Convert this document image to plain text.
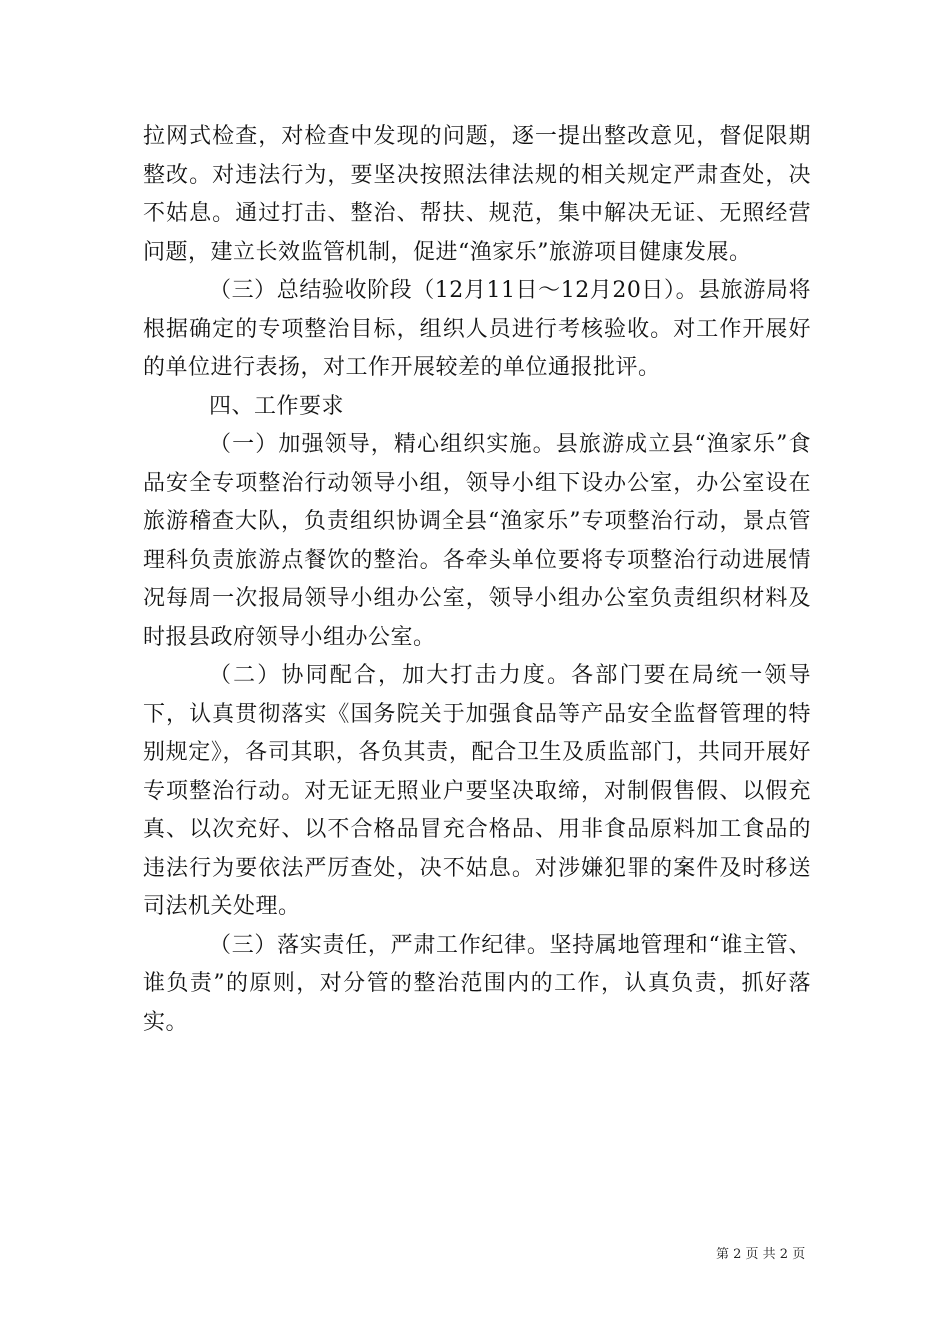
拉网式检查，对检查中发现的问题，逐一提出整改意见，督促限期整改。对违法行为，要坚决按照法律法规的相关规定严肃查处，决不姑息。通过打击、整治、帮扶、规范，集中解决无证、无照经营问题，建立长效监管机制，促进“渔家乐”旅游项目健康发展。

（三）总结验收阶段（12月11日～12月20日）。县旅游局将根据确定的专项整治目标，组织人员进行考核验收。对工作开展好的单位进行表扬，对工作开展较差的单位通报批评。

四、工作要求

（一）加强领导，精心组织实施。县旅游成立县“渔家乐”食品安全专项整治行动领导小组，领导小组下设办公室，办公室设在旅游稽查大队，负责组织协调全县“渔家乐”专项整治行动，景点管理科负责旅游点餐饮的整治。各牵头单位要将专项整治行动进展情况每周一次报局领导小组办公室，领导小组办公室负责组织材料及时报县政府领导小组办公室。

（二）协同配合，加大打击力度。各部门要在局统一领导下，认真贯彻落实《国务院关于加强食品等产品安全监督管理的特别规定》，各司其职，各负其责，配合卫生及质监部门，共同开展好专项整治行动。对无证无照业户要坚决取缔，对制假售假、以假充真、以次充好、以不合格品冒充合格品、用非食品原料加工食品的违法行为要依法严厉查处，决不姑息。对涉嫌犯罪的案件及时移送司法机关处理。

（三）落实责任，严肃工作纪律。坚持属地管理和“谁主管、谁负责”的原则，对分管的整治范围内的工作，认真负责，抓好落实。

第 2 页 共 2 页
